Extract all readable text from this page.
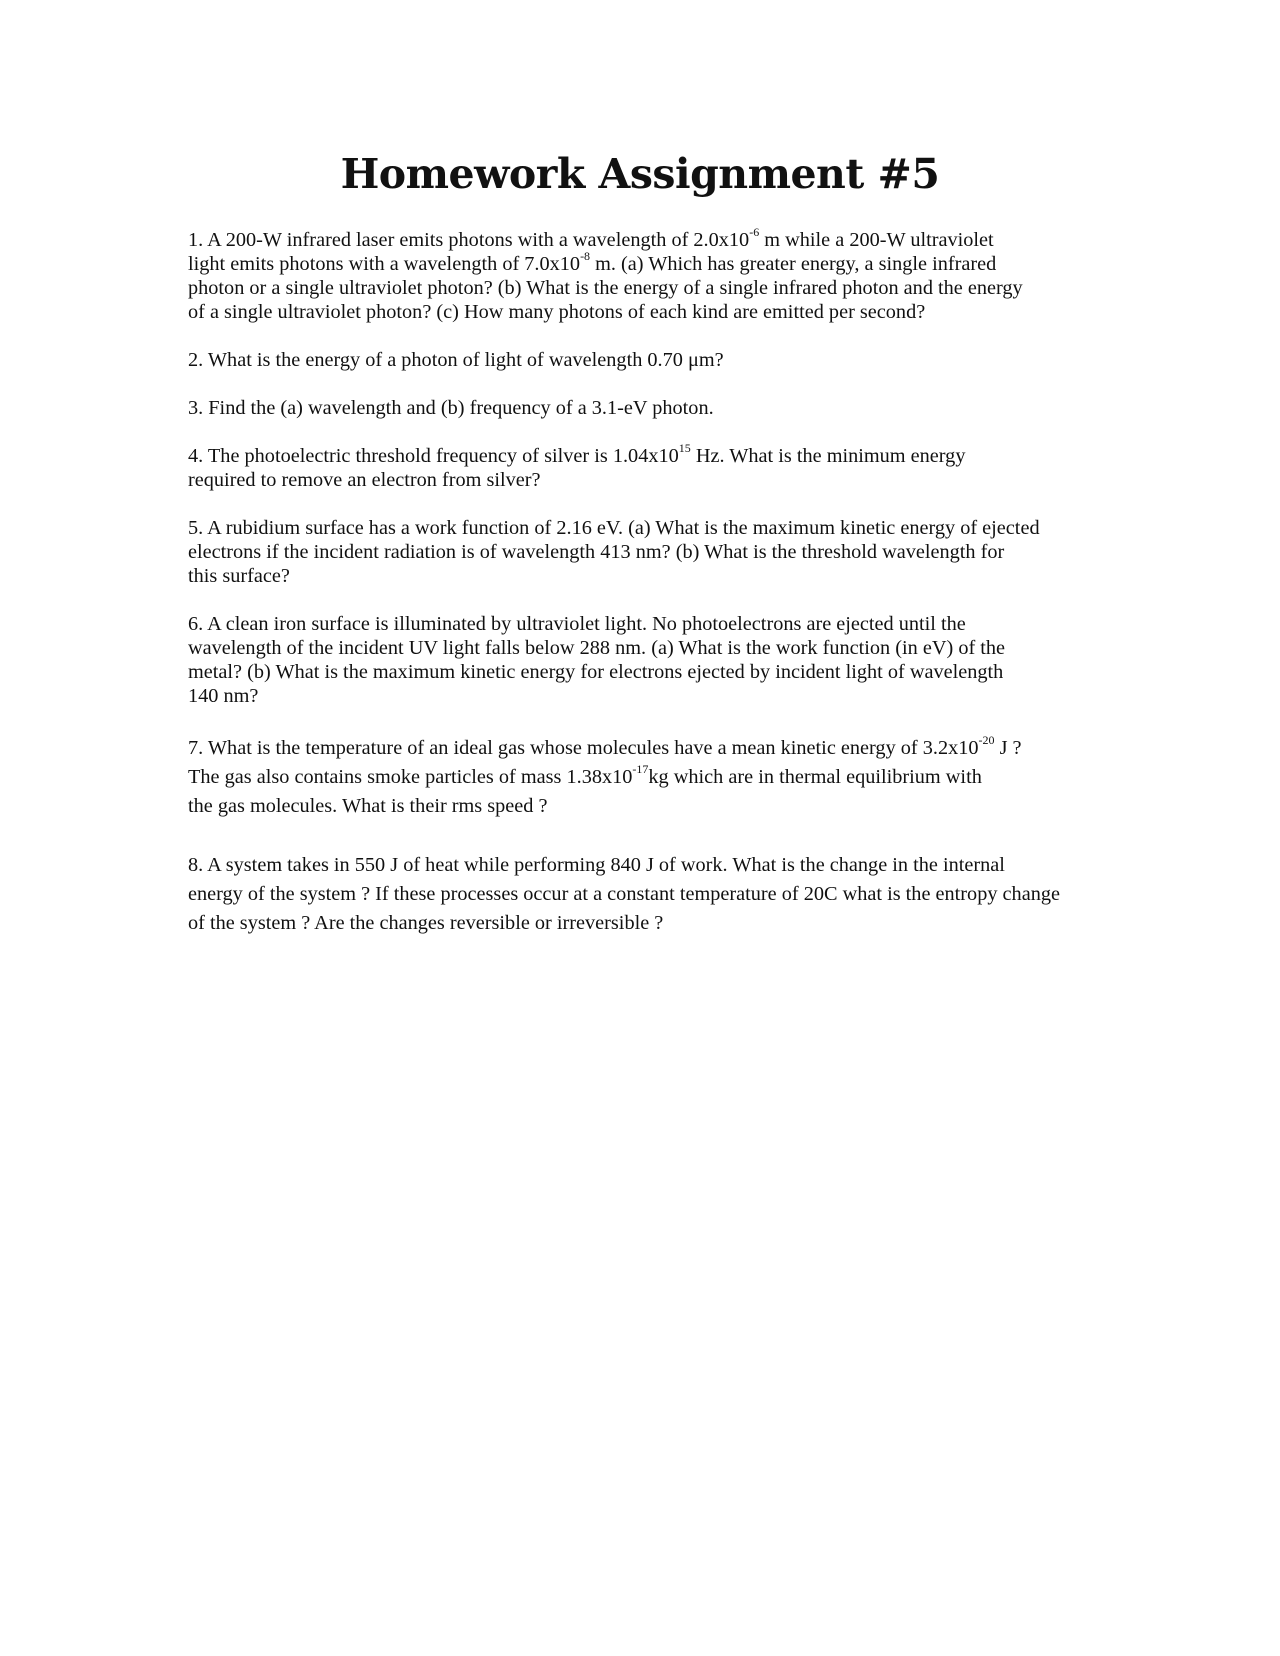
Homework Assignment #5

1. A 200-W infrared laser emits photons with a wavelength of $2.0x10^{-6}$ m while a 200-W ultraviolet
light emits photons with a wavelength of $7.0x10^{-8}$ m. (a) Which has greater energy, a single infrared
photon or a single ultraviolet photon? (b) What is the energy of a single infrared photon and the energy
of a single ultraviolet photon? (c) How many photons of each kind are emitted per second?

2. What is the energy of a photon of light of wavelength 0.70 μm?

3. Find the (a) wavelength and (b) frequency of a 3.1-eV photon.

4. The photoelectric threshold frequency of silver is $1.04x10^{15}$ Hz. What is the minimum energy
required to remove an electron from silver?

5. A rubidium surface has a work function of 2.16 eV. (a) What is the maximum kinetic energy of ejected
electrons if the incident radiation is of wavelength 413 nm? (b) What is the threshold wavelength for
this surface?

6. A clean iron surface is illuminated by ultraviolet light. No photoelectrons are ejected until the
wavelength of the incident UV light falls below 288 nm. (a) What is the work function (in eV) of the
metal? (b) What is the maximum kinetic energy for electrons ejected by incident light of wavelength
140 nm?

7. What is the temperature of an ideal gas whose molecules have a mean kinetic energy of $3.2x10^{-20}$ J ?
The gas also contains smoke particles of mass $1.38x10^{-17}kg$ which are in thermal equilibrium with
the gas molecules. What is their rms speed ?

8. A system takes in 550 J of heat while performing 840 J of work. What is the change in the internal
energy of the system ? If these processes occur at a constant temperature of 20C what is the entropy change
of the system ? Are the changes reversible or irreversible ?
